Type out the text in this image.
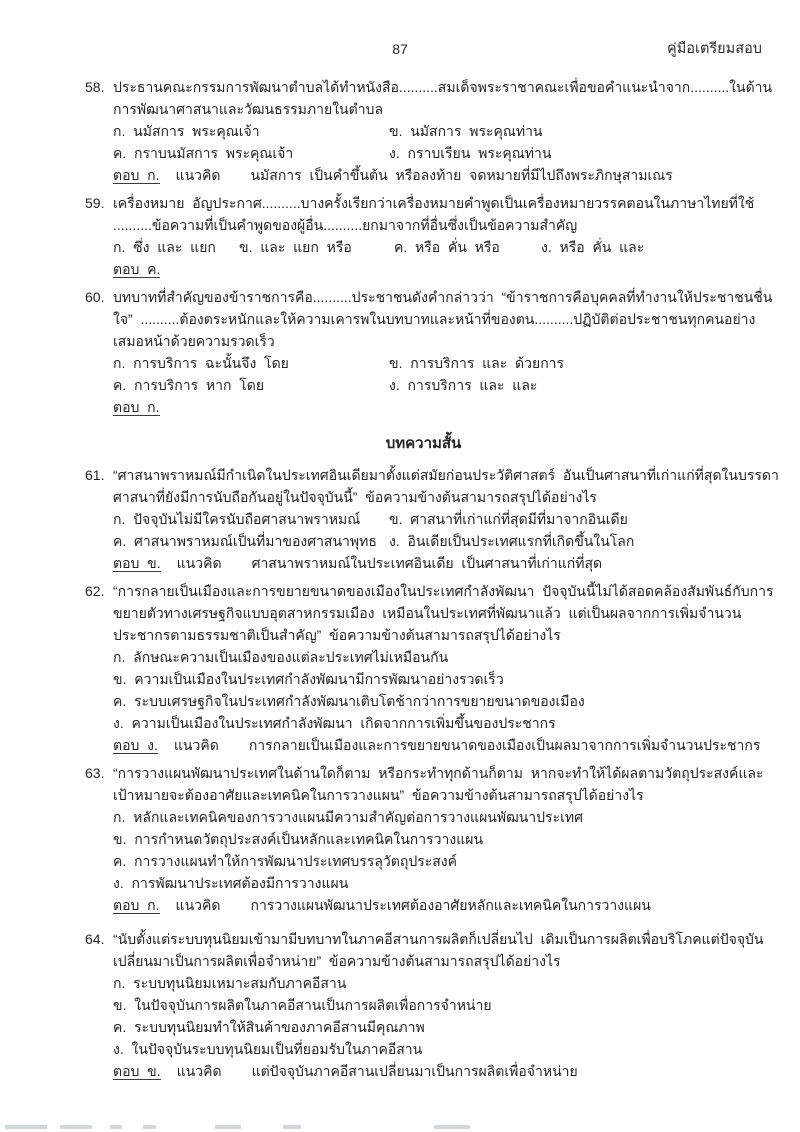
87	คู่มือเตรียมสอบ
58. ประธานคณะกรรมการพัฒนาตำบลได้ทำหนังสือ..........สมเด็จพระราชาคณะเพื่อขอคำแนะนำจาก..........ในด้าน
การพัฒนาศาสนาและวัฒนธรรมภายในตำบล
ก.  นมัสการ  พระคุณเจ้า	ข.  นมัสการ  พระคุณท่าน
ค.  กราบนมัสการ  พระคุณเจ้า	ง.  กราบเรียน  พระคุณท่าน
ตอบ  ก. แนวคิด นมัสการ  เป็นคำขึ้นต้น  หรือลงท้าย  จดหมายที่มีไปถึงพระภิกษุสามเณร
59. เครื่องหมาย  อัญประกาศ..........บางครั้งเรียกว่าเครื่องหมายคำพูดเป็นเครื่องหมายวรรคตอนในภาษาไทยที่ใช้
..........ข้อความที่เป็นคำพูดของผู้อื่น..........ยกมาจากที่อื่นซึ่งเป็นข้อความสำคัญ
ก.  ซึ่ง  และ  แยก ข.  และ  แยก  หรือ	ค.  หรือ  คั่น  หรือ	ง.  หรือ  คั่น  และ
ตอบ  ค.
60. บทบาทที่สำคัญของข้าราชการคือ..........ประชาชนดังคำกล่าวว่า  “ข้าราชการคือบุคคลที่ทำงานให้ประชาชนชื่น
ใจ”  ..........ต้องตระหนักและให้ความเคารพในบทบาทและหน้าที่ของตน..........ปฏิบัติต่อประชาชนทุกคนอย่าง
เสมอหน้าด้วยความรวดเร็ว
ก.  การบริการ  ฉะนั้นจึง  โดย	ข.  การบริการ  และ  ด้วยการ
ค.  การบริการ  หาก  โดย	ง.  การบริการ  และ  และ
ตอบ  ก.
บทความสั้น
61. “ศาสนาพราหมณ์มีกำเนิดในประเทศอินเดียมาตั้งแต่สมัยก่อนประวัติศาสตร์  อันเป็นศาสนาที่เก่าแก่ที่สุดในบรรดา
ศาสนาที่ยังมีการนับถือกันอยู่ในปัจจุบันนี้”  ข้อความข้างต้นสามารถสรุปได้อย่างไร
ก.  ปัจจุบันไม่มีใครนับถือศาสนาพราหมณ์ ข.  ศาสนาที่เก่าแก่ที่สุดมีที่มาจากอินเดีย
ค.  ศาสนาพราหมณ์เป็นที่มาของศาสนาพุทธ ง.  อินเดียเป็นประเทศแรกที่เกิดขึ้นในโลก
ตอบ  ข. แนวคิด ศาสนาพราหมณ์ในประเทศอินเดีย  เป็นศาสนาที่เก่าแก่ที่สุด
62. “การกลายเป็นเมืองและการขยายขนาดของเมืองในประเทศกำลังพัฒนา  ปัจจุบันนี้ไม่ได้สอดคล้องสัมพันธ์กับการ
ขยายตัวทางเศรษฐกิจแบบอุตสาหกรรมเมือง  เหมือนในประเทศที่พัฒนาแล้ว  แต่เป็นผลจากการเพิ่มจำนวน
ประชากรตามธรรมชาติเป็นสำคัญ”  ข้อความข้างต้นสามารถสรุปได้อย่างไร
ก.  ลักษณะความเป็นเมืองของแต่ละประเทศไม่เหมือนกัน
ข.  ความเป็นเมืองในประเทศกำลังพัฒนามีการพัฒนาอย่างรวดเร็ว
ค.  ระบบเศรษฐกิจในประเทศกำลังพัฒนาเติบโตช้ากว่าการขยายขนาดของเมือง
ง.  ความเป็นเมืองในประเทศกำลังพัฒนา  เกิดจากการเพิ่มขึ้นของประชากร
ตอบ  ง. แนวคิด การกลายเป็นเมืองและการขยายขนาดของเมืองเป็นผลมาจากการเพิ่มจำนวนประชากร
63. “การวางแผนพัฒนาประเทศในด้านใดก็ตาม  หรือกระทำทุกด้านก็ตาม  หากจะทำให้ได้ผลตามวัตถุประสงค์และ
เป้าหมายจะต้องอาศัยและเทคนิคในการวางแผน”  ข้อความข้างต้นสามารถสรุปได้อย่างไร
ก.  หลักและเทคนิคของการวางแผนมีความสำคัญต่อการวางแผนพัฒนาประเทศ
ข.  การกำหนดวัตถุประสงค์เป็นหลักและเทคนิคในการวางแผน
ค.  การวางแผนทำให้การพัฒนาประเทศบรรลุวัตถุประสงค์
ง.  การพัฒนาประเทศต้องมีการวางแผน
ตอบ  ก. แนวคิด การวางแผนพัฒนาประเทศต้องอาศัยหลักและเทคนิคในการวางแผน
64. “นับตั้งแต่ระบบทุนนิยมเข้ามามีบทบาทในภาคอีสานการผลิตก็เปลี่ยนไป  เดิมเป็นการผลิตเพื่อบริโภคแต่ปัจจุบัน
เปลี่ยนมาเป็นการผลิตเพื่อจำหน่าย”  ข้อความข้างต้นสามารถสรุปได้อย่างไร
ก.  ระบบทุนนิยมเหมาะสมกับภาคอีสาน
ข.  ในปัจจุบันการผลิตในภาคอีสานเป็นการผลิตเพื่อการจำหน่าย
ค.  ระบบทุนนิยมทำให้สินค้าของภาคอีสานมีคุณภาพ
ง.  ในปัจจุบันระบบทุนนิยมเป็นที่ยอมรับในภาคอีสาน
ตอบ  ข. แนวคิด แต่ปัจจุบันภาคอีสานเปลี่ยนมาเป็นการผลิตเพื่อจำหน่าย
